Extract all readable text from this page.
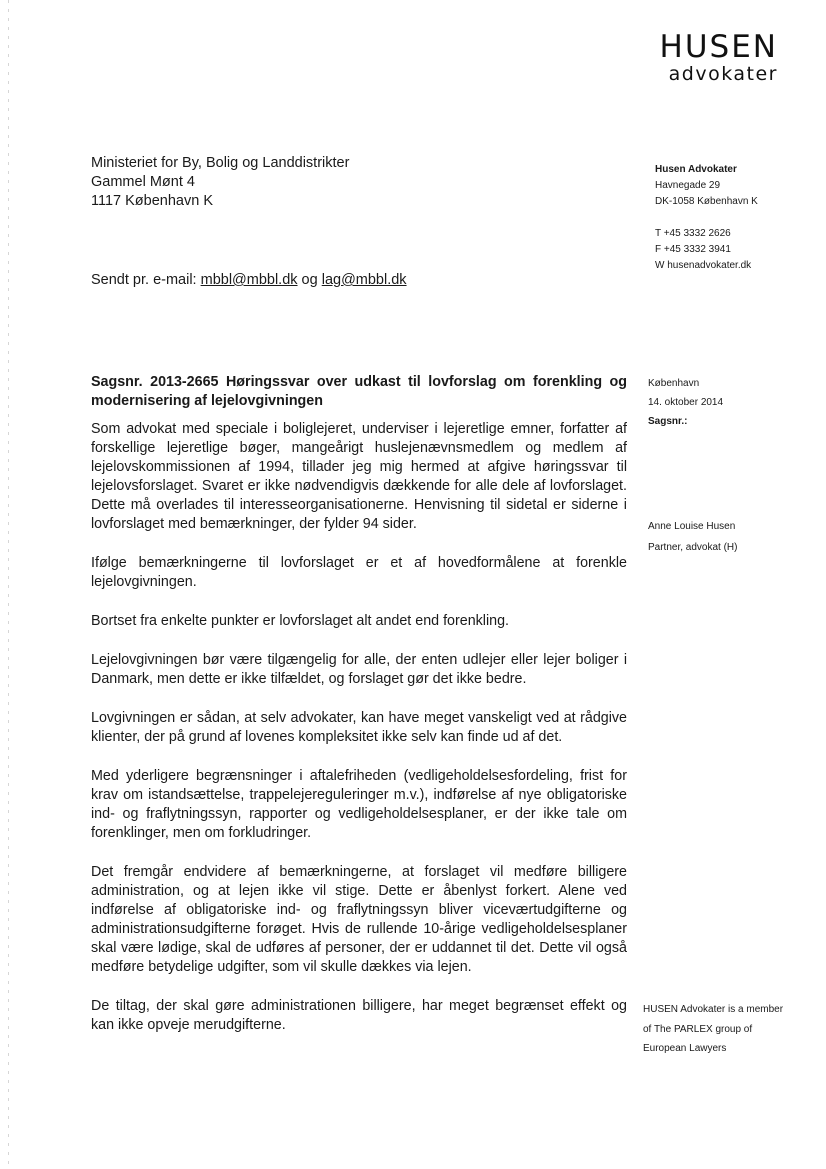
HUSEN
advokater
Ministeriet for By, Bolig og Landdistrikter
Gammel Mønt 4
1117 København K
Sendt pr. e-mail: mbbl@mbbl.dk og lag@mbbl.dk
Husen Advokater
Havnegade 29
DK-1058 København K
T +45 3332 2626
F +45 3332 3941
W husenadvokater.dk
København
14. oktober 2014
Sagsnr.:
Anne Louise Husen
Partner, advokat (H)
HUSEN Advokater is a member
of The PARLEX group of
European Lawyers
Sagsnr. 2013-2665 Høringssvar over udkast til lovforslag om forenkling og modernisering af lejelovgivningen

Som advokat med speciale i boliglejeret, underviser i lejeretlige emner, forfatter af forskellige lejeretlige bøger, mangeårigt huslejenævnsmedlem og medlem af lejelovskommissionen af 1994, tillader jeg mig hermed at afgive høringssvar til lejelovsforslaget. Svaret er ikke nødvendigvis dækkende for alle dele af lovforslaget. Dette må overlades til interesseorganisationerne. Henvisning til sidetal er siderne i lovforslaget med bemærkninger, der fylder 94 sider.

Ifølge bemærkningerne til lovforslaget er et af hovedformålene at forenkle lejelovgivningen.

Bortset fra enkelte punkter er lovforslaget alt andet end forenkling.

Lejelovgivningen bør være tilgængelig for alle, der enten udlejer eller lejer boliger i Danmark, men dette er ikke tilfældet, og forslaget gør det ikke bedre.

Lovgivningen er sådan, at selv advokater, kan have meget vanskeligt ved at rådgive klienter, der på grund af lovenes kompleksitet ikke selv kan finde ud af det.

Med yderligere begrænsninger i aftalefriheden (vedligeholdelsesfordeling, frist for krav om istandsættelse, trappelejereguleringer m.v.), indførelse af nye obligatoriske ind- og fraflytningssyn, rapporter og vedligeholdelsesplaner, er der ikke tale om forenklinger, men om forkludringer.

Det fremgår endvidere af bemærkningerne, at forslaget vil medføre billigere administration, og at lejen ikke vil stige. Dette er åbenlyst forkert. Alene ved indførelse af obligatoriske ind- og fraflytningssyn bliver viceværtudgifterne og administrationsudgifterne forøget. Hvis de rullende 10-årige vedligeholdelsesplaner skal være lødige, skal de udføres af personer, der er uddannet til det. Dette vil også medføre betydelige udgifter, som vil skulle dækkes via lejen.

De tiltag, der skal gøre administrationen billigere, har meget begrænset effekt og kan ikke opveje merudgifterne.
